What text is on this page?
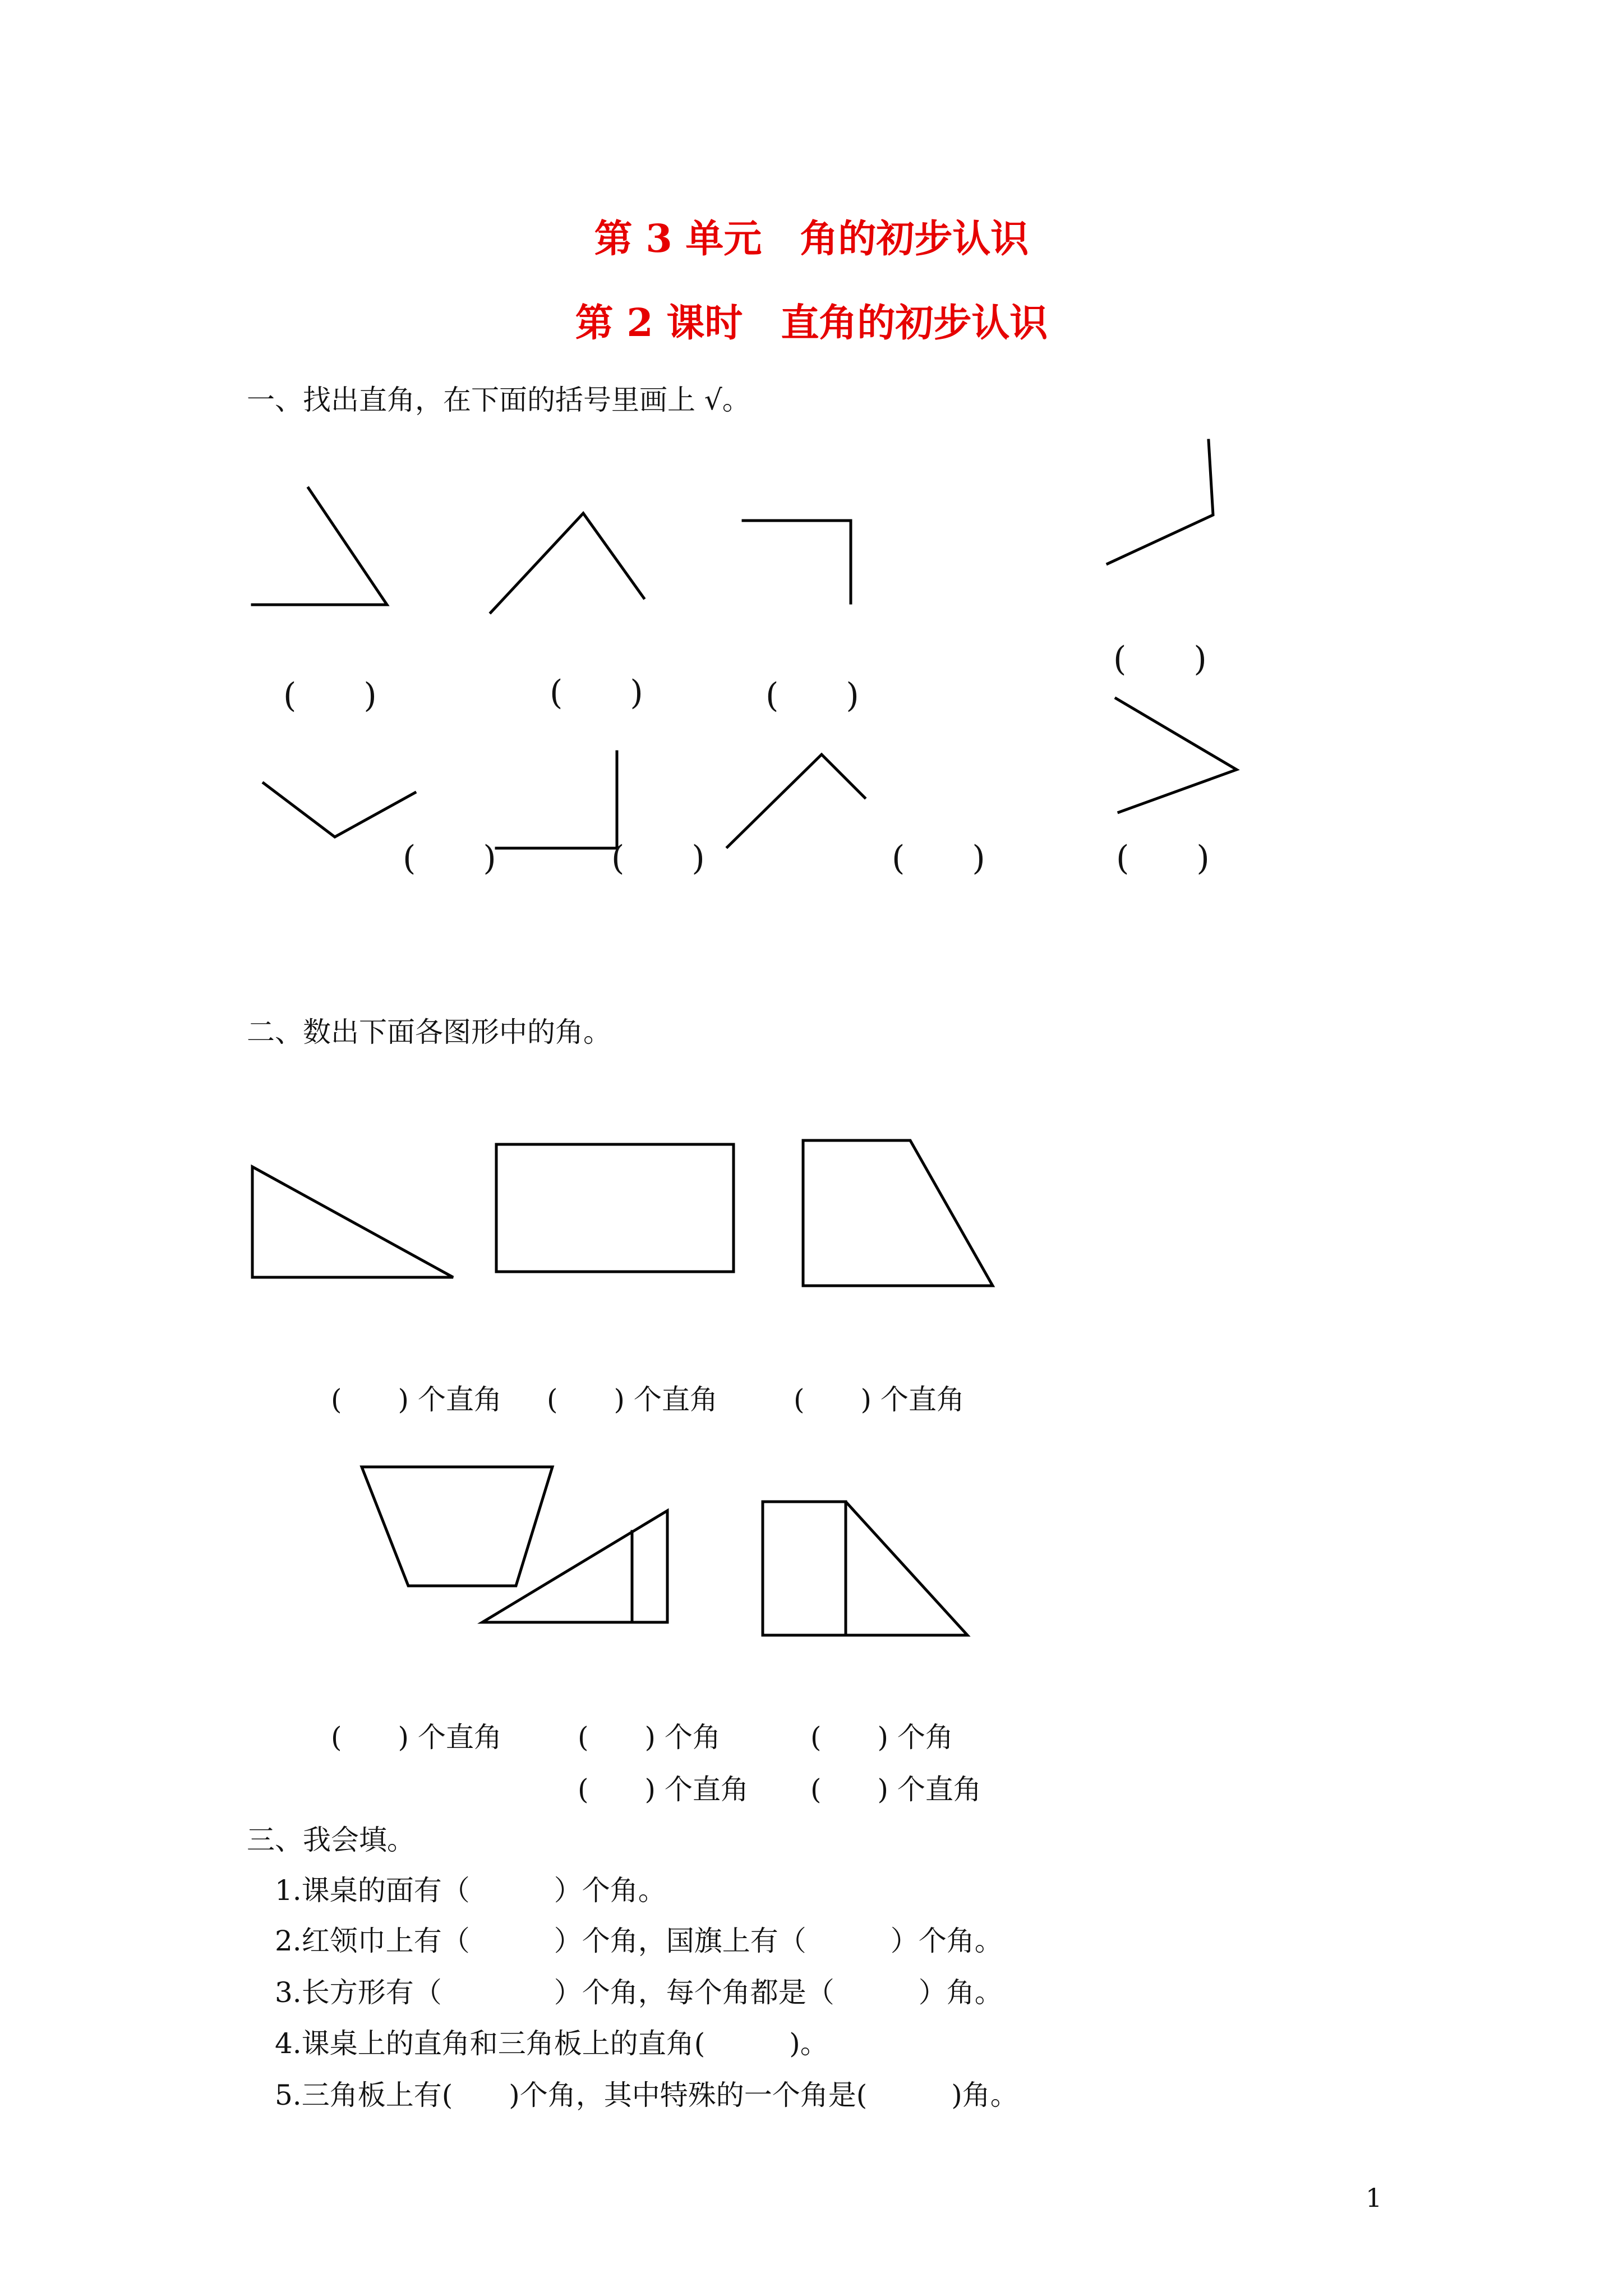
第 3 单元　角的初步认识
第 2 课时　直角的初步认识
一、找出直角，在下面的括号里画上 √。
(　　)	(　　)	(　　)
(　　)
(　　)	(　　)	(　　)	(　　)
二、数出下面各图形中的角。
(　　) 个直角 (　　) 个直角	(　　) 个直角
(　　) 个直角	(　　) 个角	(　　) 个角
(　　) 个直角 (　　) 个直角
三、我会填。
1.课桌的面有（　　　）个角。
2.红领巾上有（　　　）个角，国旗上有（　　　）个角。
3.长方形有（　　　　）个角，每个角都是（　　　）角。
4.课桌上的直角和三角板上的直角(　　　)。
5.三角板上有(　　)个角，其中特殊的一个角是(　　　)角。
1
